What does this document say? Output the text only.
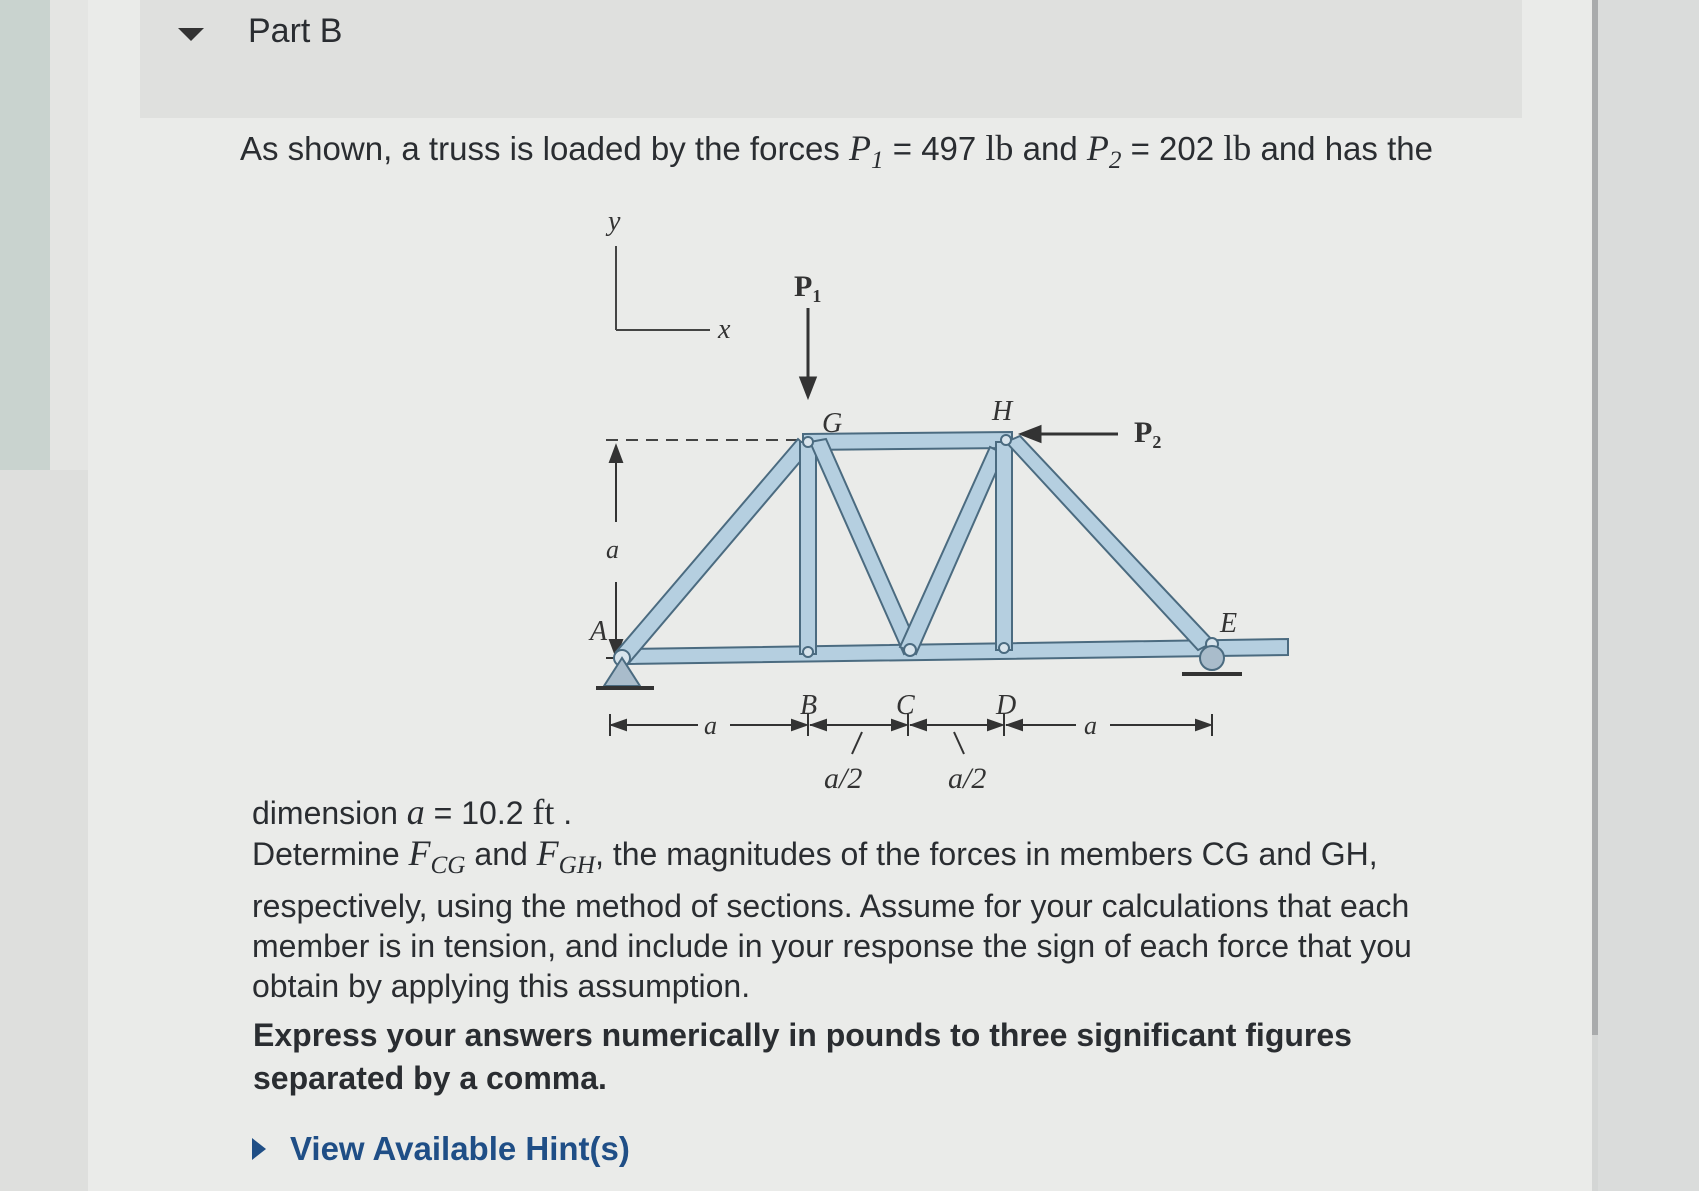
Part B
As shown, a truss is loaded by the forces $P_1 = 497$ lb and $P_2 = 202$ lb and has the
y
x
a
$P_1$
$P_2$
A
B	C	D
E
G	H
a	a
a/2	a/2

dimension a = 10.2 ft .

Determine $F_{CG}$ and $F_{GH}$, the magnitudes of the forces in members CG and GH, respectively, using the method of sections. Assume for your calculations that each member is in tension, and include in your response the sign of each force that you obtain by applying this assumption.

Express your answers numerically in pounds to three significant figures separated by a comma.
View Available Hint(s)
